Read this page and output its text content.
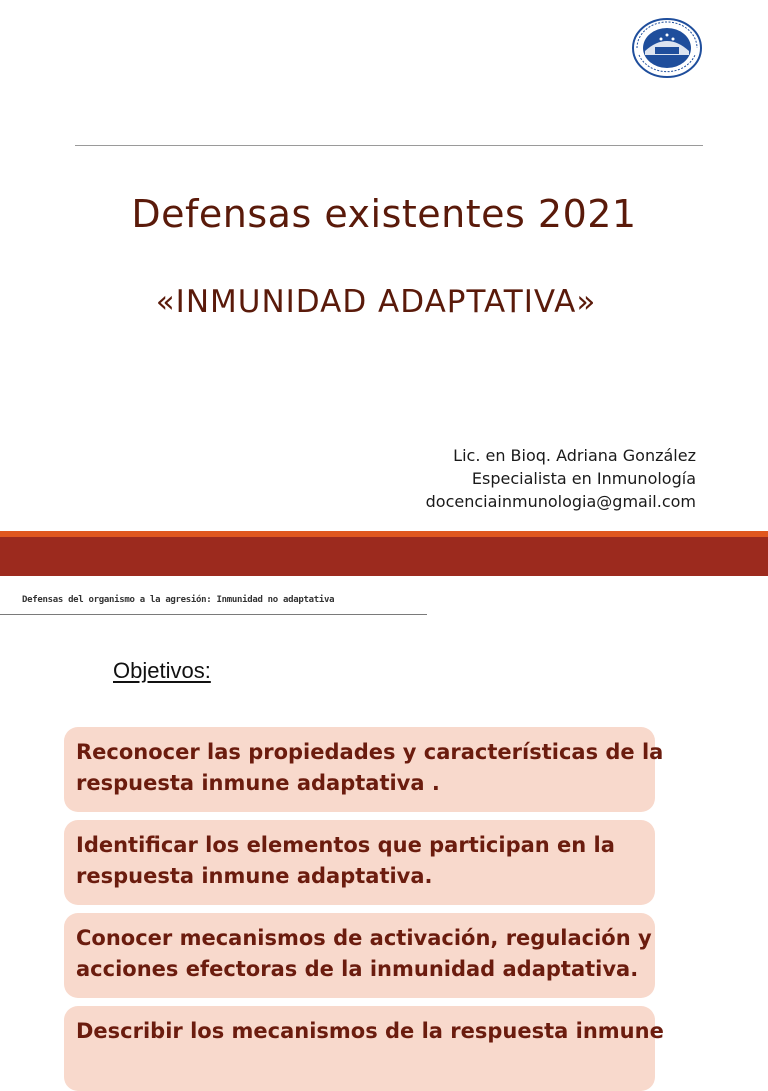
Defensas existentes 2021
«INMUNIDAD ADAPTATIVA»
Lic. en Bioq. Adriana González
Especialista en Inmunología
docenciainmunologia@gmail.com
Defensas del organismo a la agresión: Inmunidad no adaptativa
Objetivos:
Reconocer las propiedades y características de la
respuesta inmune adaptativa .
Identificar los elementos que participan en la
respuesta inmune adaptativa.
Conocer mecanismos de activación, regulación y
acciones efectoras de la inmunidad adaptativa.
Describir los mecanismos de la respuesta inmune
